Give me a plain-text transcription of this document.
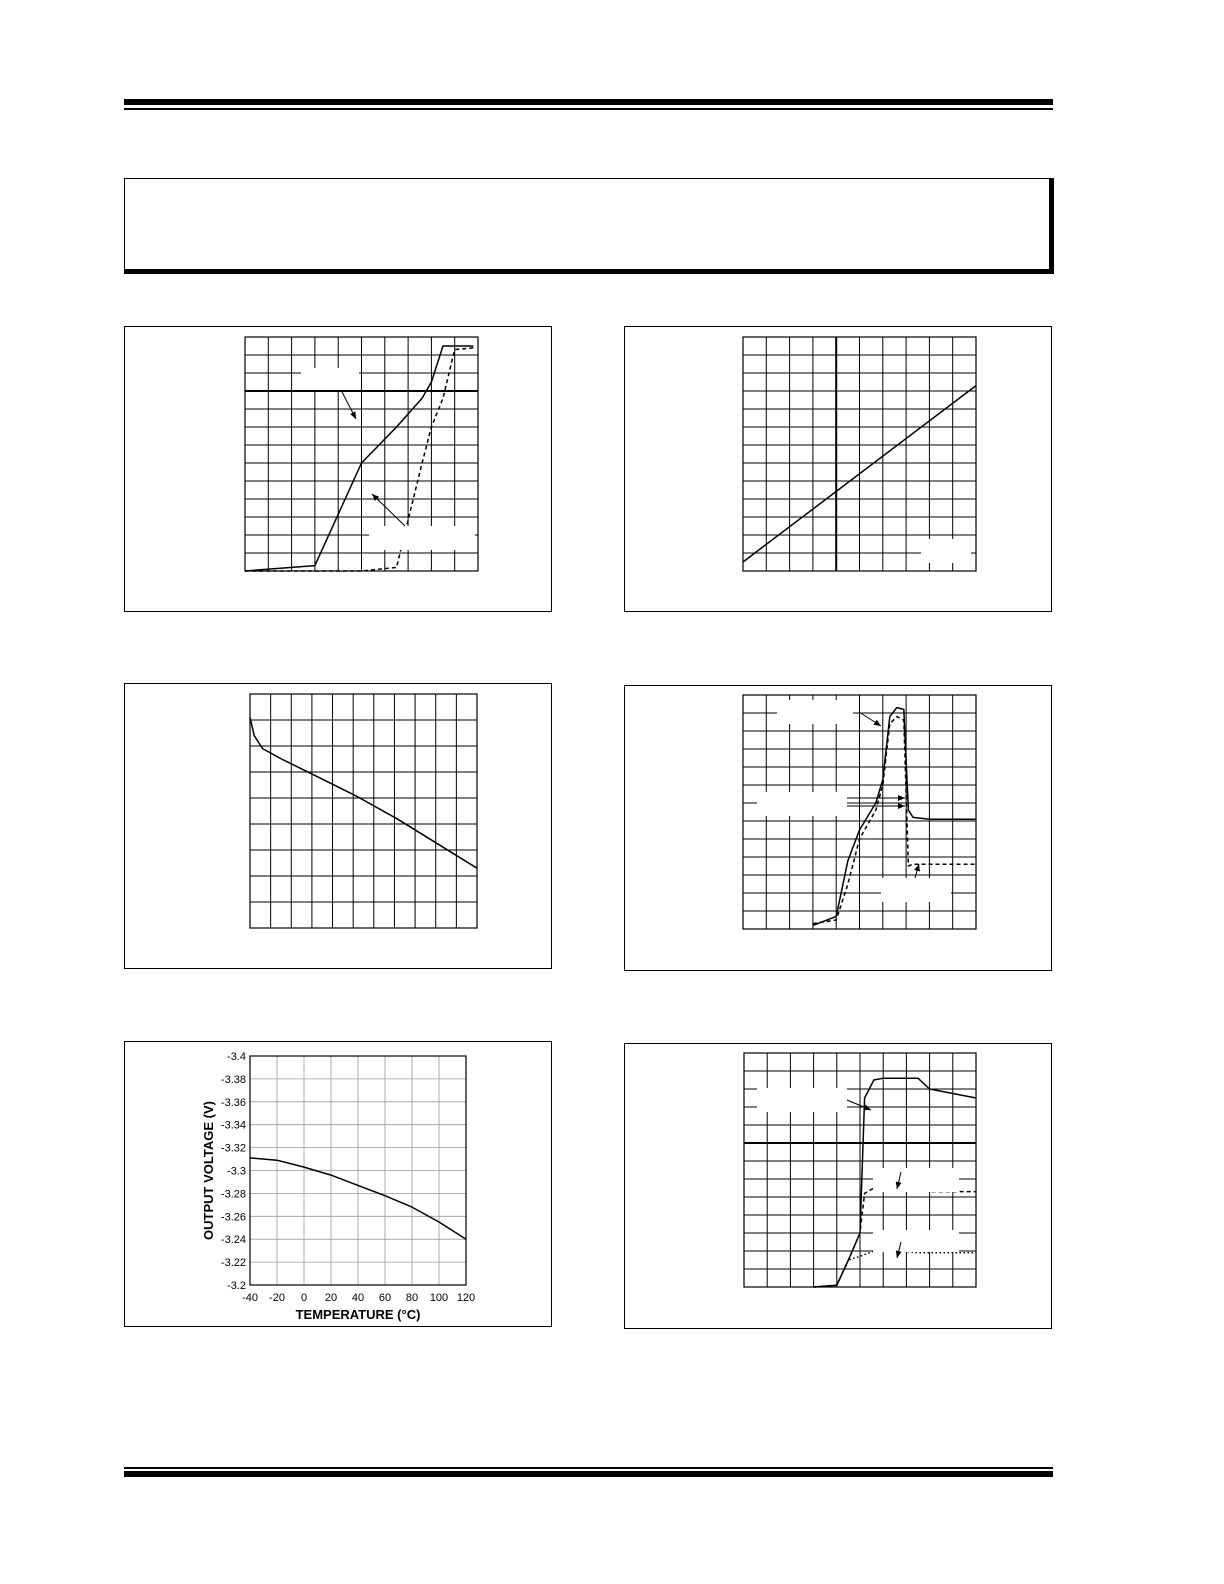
-40 -20 0 20 40 60 80 100 120
-3.4
-3.38
-3.36
-3.34
-3.32
-3.3
-3.28
-3.26
-3.24
-3.22
-3.2
TEMPERATURE (°C)
OUTPUT VOLTAGE (V)
